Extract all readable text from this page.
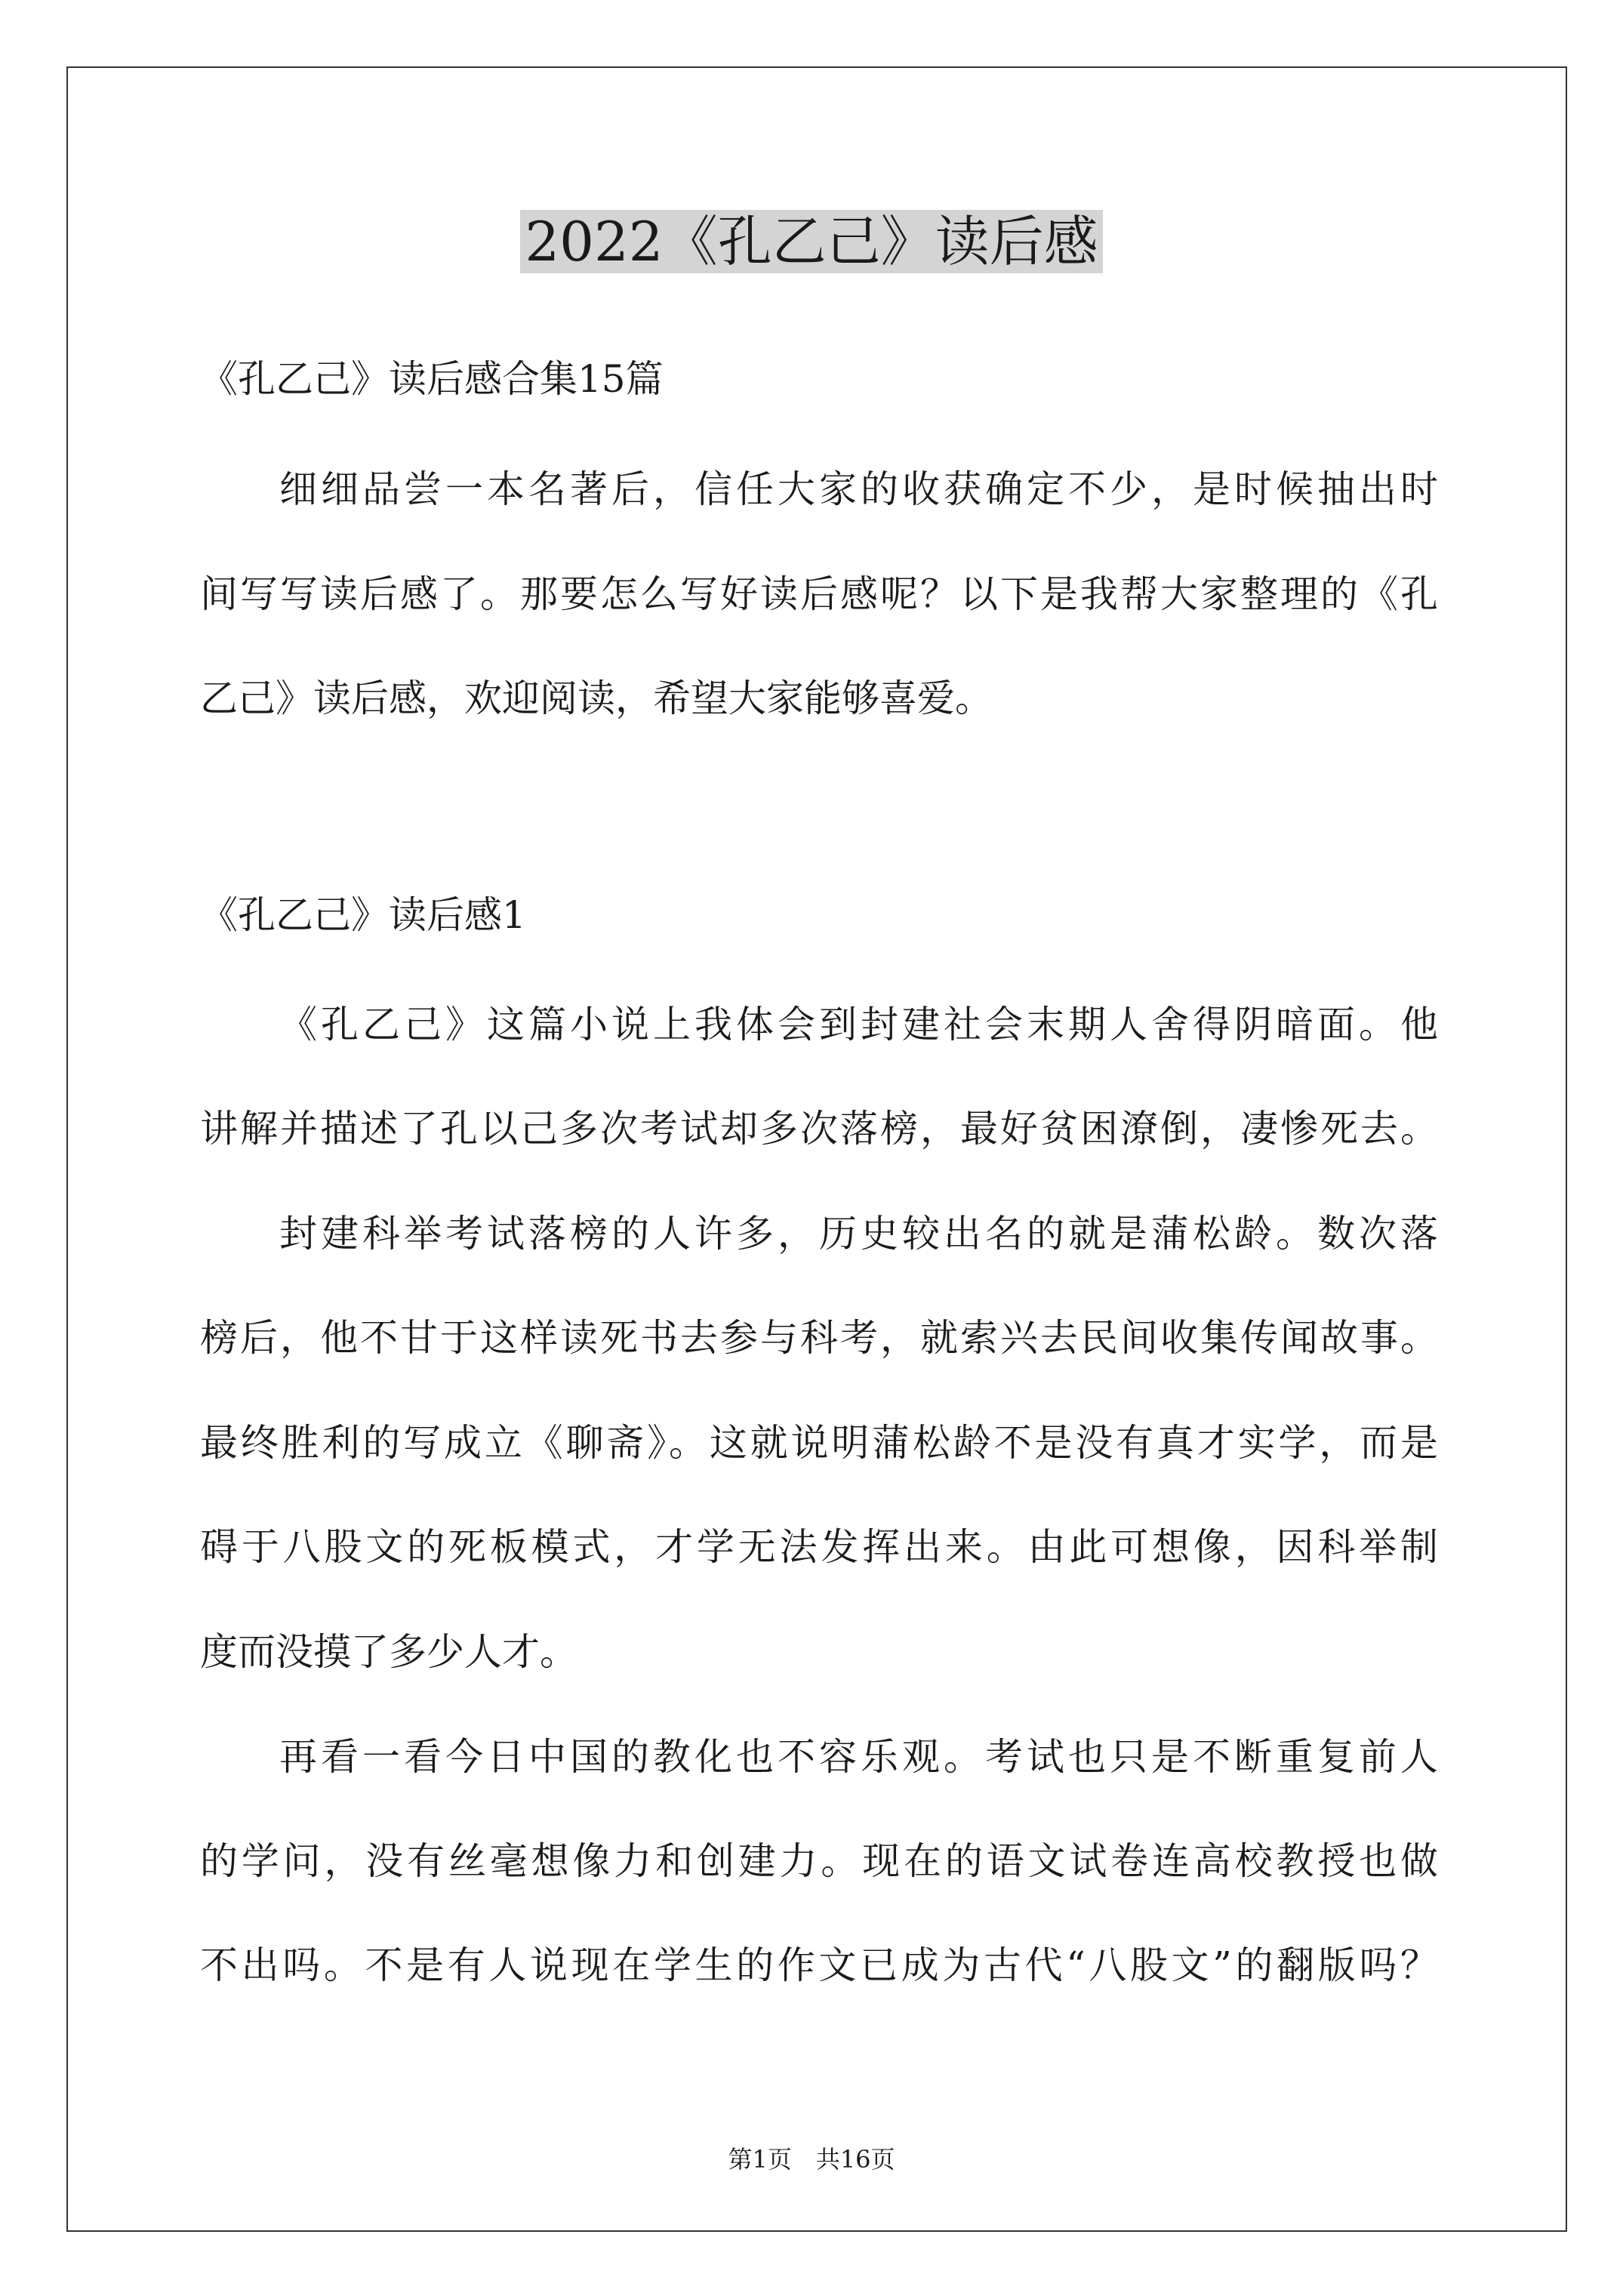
2022《孔乙己》读后感
《孔乙己》读后感合集15篇
细细品尝一本名著后，信任大家的收获确定不少，是时候抽出时
间写写读后感了。那要怎么写好读后感呢？以下是我帮大家整理的《孔
乙己》读后感，欢迎阅读，希望大家能够喜爱。
《孔乙己》读后感1
《孔乙己》这篇小说上我体会到封建社会末期人舍得阴暗面。他
讲解并描述了孔以己多次考试却多次落榜，最好贫困潦倒，凄惨死去。
封建科举考试落榜的人许多，历史较出名的就是蒲松龄。数次落
榜后，他不甘于这样读死书去参与科考，就索兴去民间收集传闻故事。
最终胜利的写成立《聊斋》。这就说明蒲松龄不是没有真才实学，而是
碍于八股文的死板模式，才学无法发挥出来。由此可想像，因科举制
度而没摸了多少人才。
再看一看今日中国的教化也不容乐观。考试也只是不断重复前人
的学问，没有丝毫想像力和创建力。现在的语文试卷连高校教授也做
不出吗。不是有人说现在学生的作文已成为古代“八股文”的翻版吗？
第1页　共16页
